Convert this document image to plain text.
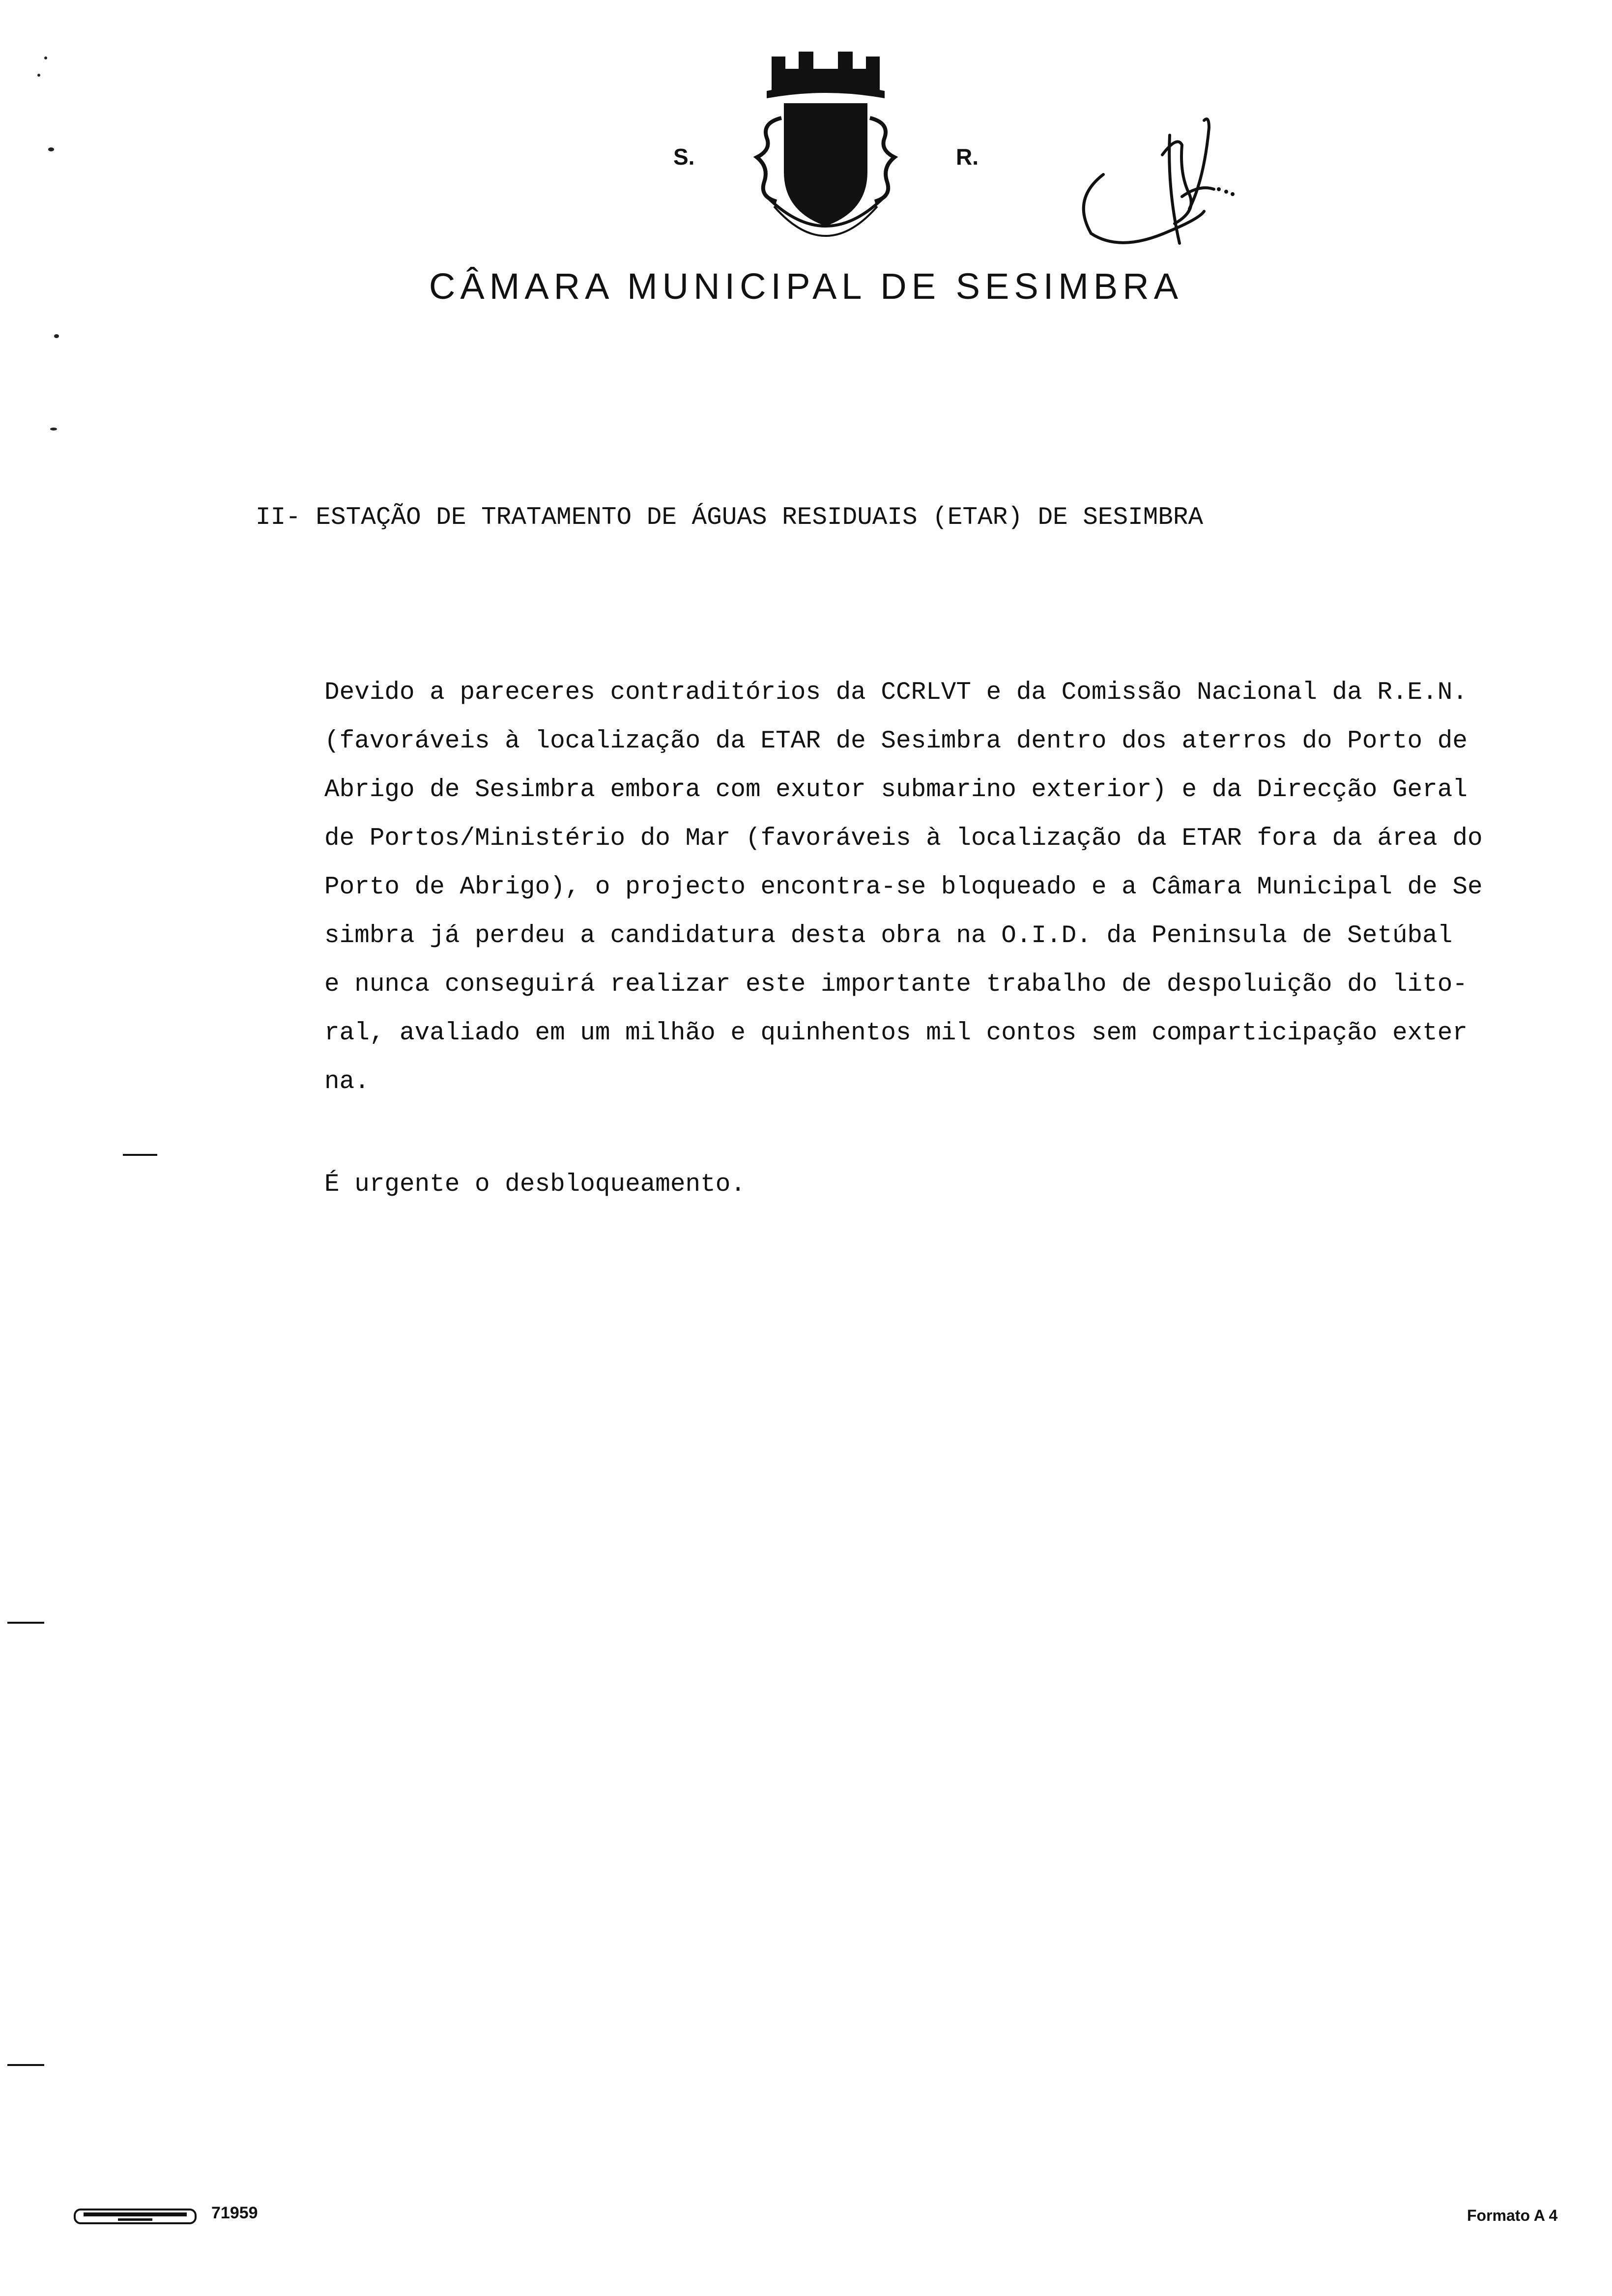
S.	R.
CÂMARA MUNICIPAL DE SESIMBRA
II- ESTAÇÃO DE TRATAMENTO DE ÁGUAS RESIDUAIS (ETAR) DE SESIMBRA
Devido a pareceres contraditórios da CCRLVT e da Comissão Nacional da R.E.N.
(favoráveis à localização da ETAR de Sesimbra dentro dos aterros do Porto de
Abrigo de Sesimbra embora com exutor submarino exterior) e da Direcção Geral
de Portos/Ministério do Mar (favoráveis à localização da ETAR fora da área do
Porto de Abrigo), o projecto encontra-se bloqueado e a Câmara Municipal de Se
simbra já perdeu a candidatura desta obra na O.I.D. da Peninsula de Setúbal
e nunca conseguirá realizar este importante trabalho de despoluição do lito-
ral, avaliado em um milhão e quinhentos mil contos sem comparticipação exter
na.
É urgente o desbloqueamento.
71959	Formato A 4
